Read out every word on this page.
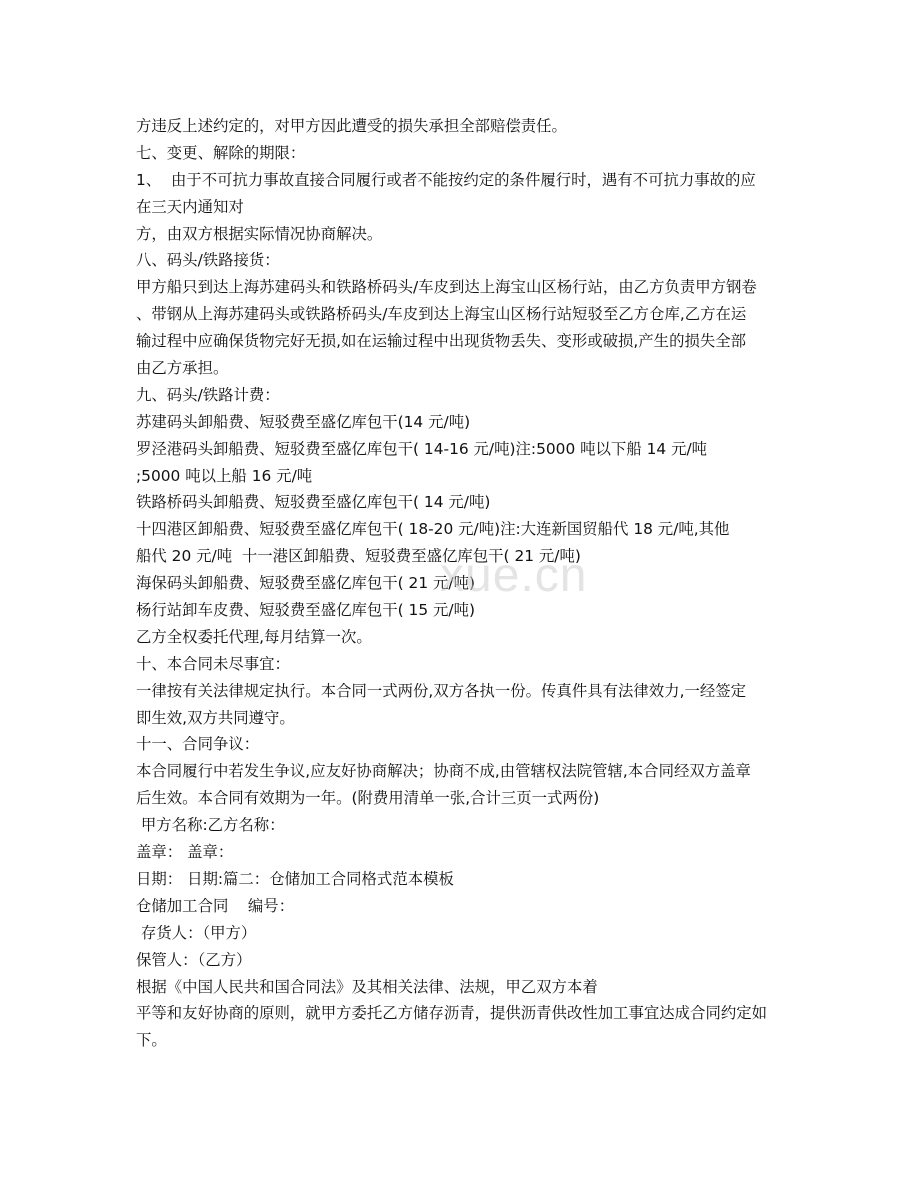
方违反上述约定的，对甲方因此遭受的损失承担全部赔偿责任。
七、变更、解除的期限：
1、  由于不可抗力事故直接合同履行或者不能按约定的条件履行时，遇有不可抗力事故的应
在三天内通知对
方，由双方根据实际情况协商解决。
八、码头/铁路接货：
甲方船只到达上海苏建码头和铁路桥码头/车皮到达上海宝山区杨行站，由乙方负责甲方钢卷
、带钢从上海苏建码头或铁路桥码头/车皮到达上海宝山区杨行站短驳至乙方仓库,乙方在运
输过程中应确保货物完好无损,如在运输过程中出现货物丢失、变形或破损,产生的损失全部
由乙方承担。
九、码头/铁路计费：
苏建码头卸船费、短驳费至盛亿库包干(14 元/吨)
罗泾港码头卸船费、短驳费至盛亿库包干( 14-16 元/吨)注:5000 吨以下船 14 元/吨
;5000 吨以上船 16 元/吨
铁路桥码头卸船费、短驳费至盛亿库包干( 14 元/吨)
十四港区卸船费、短驳费至盛亿库包干( 18-20 元/吨)注:大连新国贸船代 18 元/吨,其他
船代 20 元/吨  十一港区卸船费、短驳费至盛亿库包干( 21 元/吨)
海保码头卸船费、短驳费至盛亿库包干( 21 元/吨)
杨行站卸车皮费、短驳费至盛亿库包干( 15 元/吨)
乙方全权委托代理,每月结算一次。
十、本合同未尽事宜：
一律按有关法律规定执行。本合同一式两份,双方各执一份。传真件具有法律效力,一经签定
即生效,双方共同遵守。
十一、合同争议：
本合同履行中若发生争议,应友好协商解决；协商不成,由管辖权法院管辖,本合同经双方盖章
后生效。本合同有效期为一年。(附费用清单一张,合计三页一式两份)
甲方名称:乙方名称：
盖章： 盖章：
日期： 日期:篇二：仓储加工合同格式范本模板
仓储加工合同    编号：
存货人：（甲方）
保管人：（乙方）
根据《中国人民共和国合同法》及其相关法律、法规，甲乙双方本着
平等和友好协商的原则，就甲方委托乙方储存沥青，提供沥青供改性加工事宜达成合同约定如
下。
xue.cn
